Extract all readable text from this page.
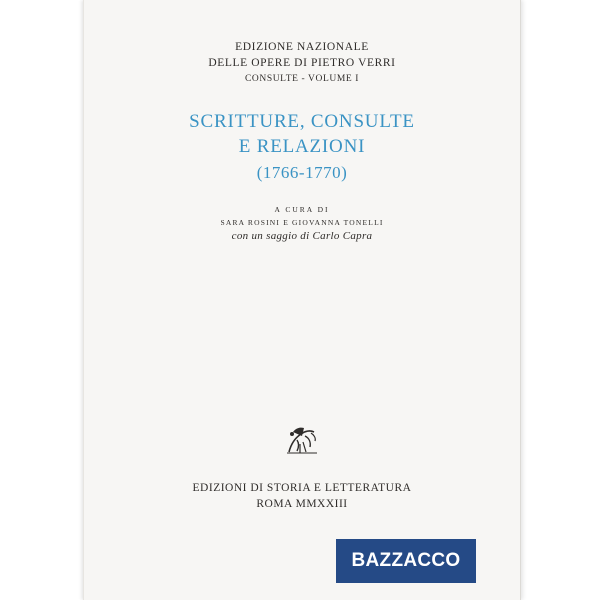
EDIZIONE NAZIONALE
DELLE OPERE DI PIETRO VERRI
CONSULTE - VOLUME I
SCRITTURE, CONSULTE
E RELAZIONI
(1766-1770)
A CURA DI
SARA ROSINI E GIOVANNA TONELLI
con un saggio di Carlo Capra
EDIZIONI DI STORIA E LETTERATURA
ROMA MMXXIII
BAZZACCO
